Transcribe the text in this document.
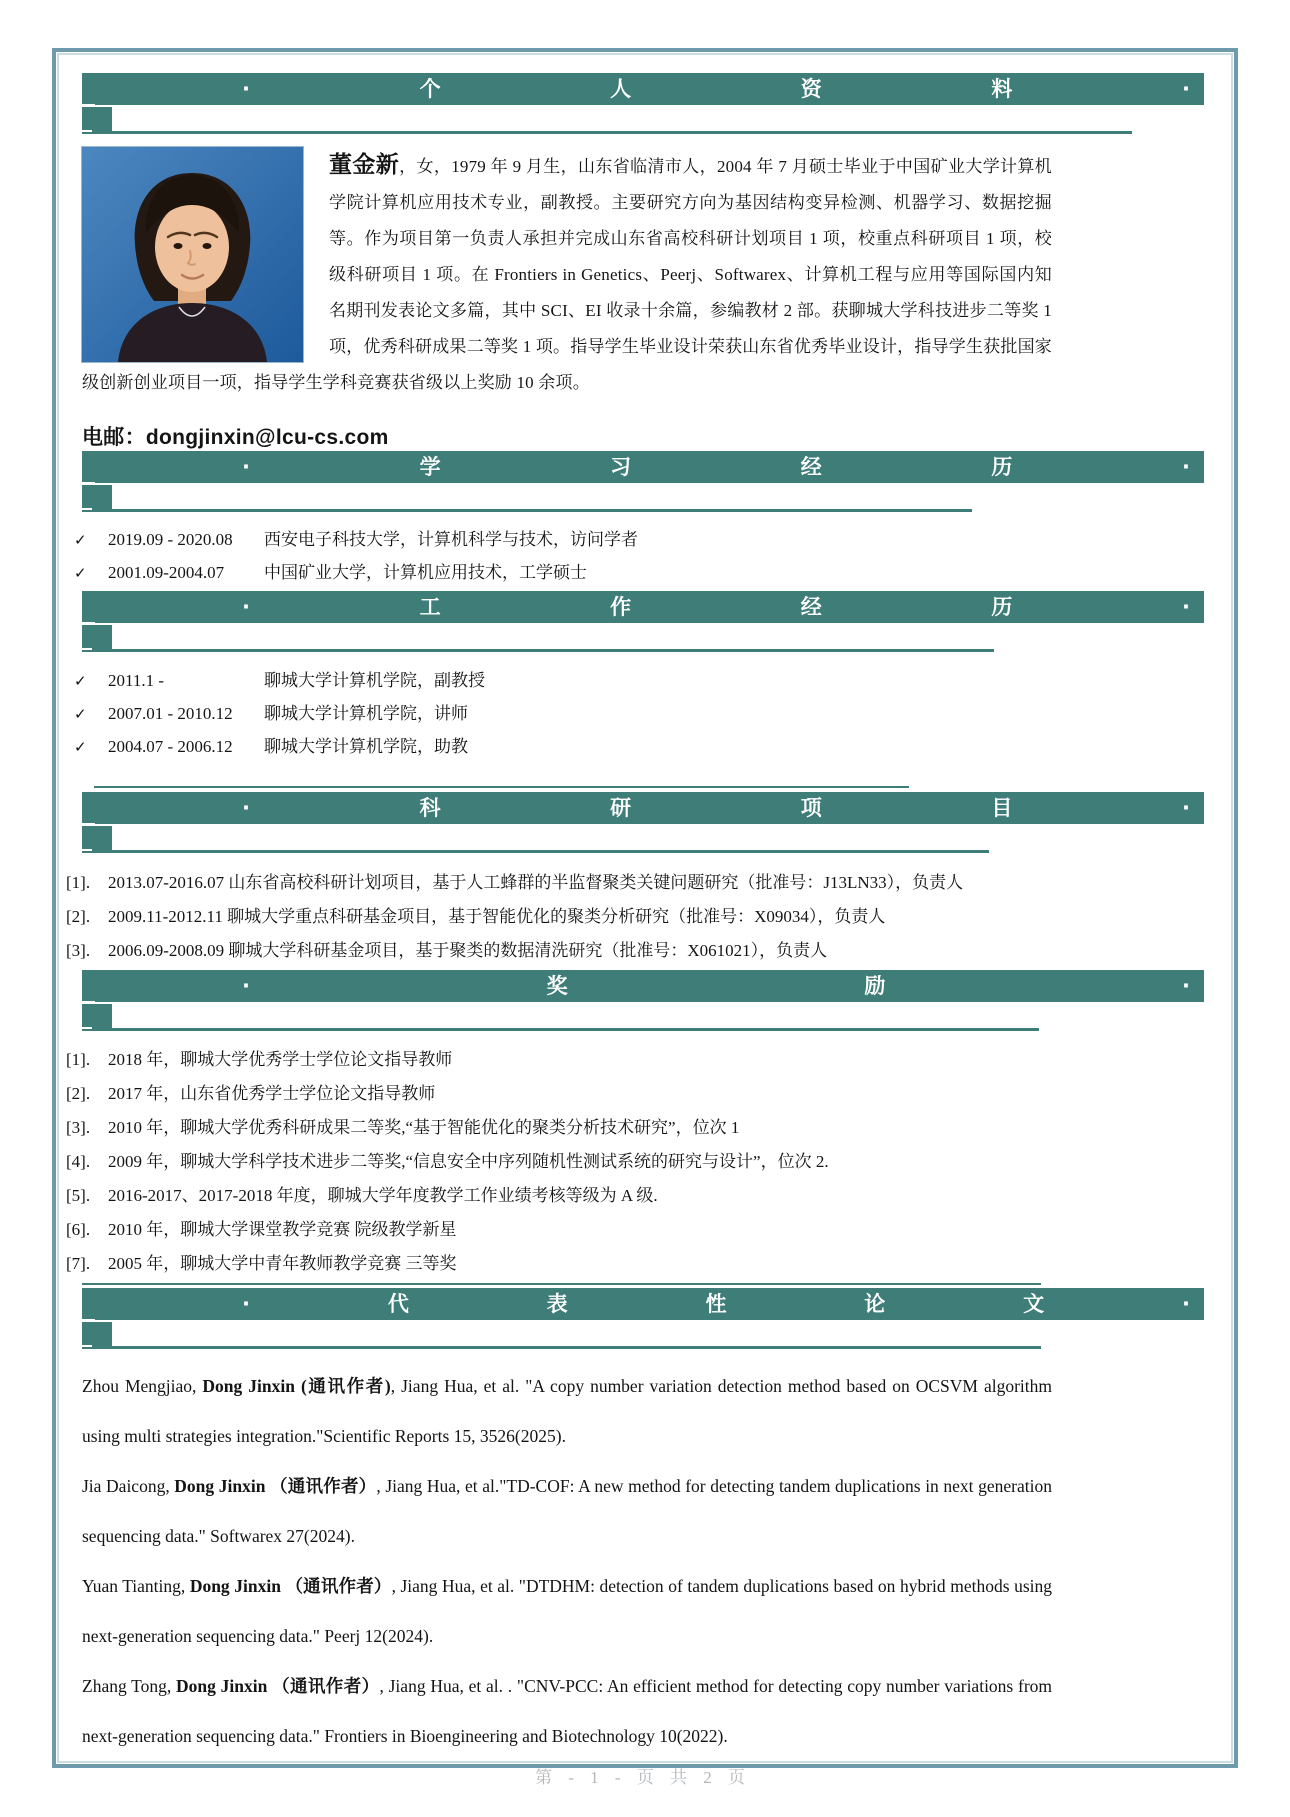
·	个	人	资	料	·

董金新，女，1979 年 9 月生，山东省临清市人，2004 年 7 月硕士毕业于中国矿业大学计算机学院计算机应用技术专业，副教授。主要研究方向为基因结构变异检测、机器学习、数据挖掘等。作为项目第一负责人承担并完成山东省高校科研计划项目 1 项，校重点科研项目 1 项，校级科研项目 1 项。在 Frontiers in Genetics、Peerj、Softwarex、计算机工程与应用等国际国内知名期刊发表论文多篇，其中 SCI、EI 收录十余篇，参编教材 2 部。获聊城大学科技进步二等奖 1 项，优秀科研成果二等奖 1 项。指导学生毕业设计荣获山东省优秀毕业设计，指导学生获批国家级创新创业项目一项，指导学生学科竞赛获省级以上奖励 10 余项。

电邮：dongjinxin@lcu-cs.com
·	学	习	经	历	·
✓	2019.09 - 2020.08	西安电子科技大学，计算机科学与技术，访问学者
✓	2001.09-2004.07	中国矿业大学，计算机应用技术，工学硕士
·	工	作	经	历	·
✓	2011.1 -	聊城大学计算机学院，副教授
✓	2007.01 - 2010.12	聊城大学计算机学院，讲师
✓	2004.07 - 2006.12	聊城大学计算机学院，助教
·	科	研	项	目	·
[1].	2013.07-2016.07 山东省高校科研计划项目，基于人工蜂群的半监督聚类关键问题研究（批准号：J13LN33），负责人
[2].	2009.11-2012.11 聊城大学重点科研基金项目，基于智能优化的聚类分析研究（批准号：X09034），负责人
[3].	2006.09-2008.09 聊城大学科研基金项目，基于聚类的数据清洗研究（批准号：X061021），负责人
·	奖	励	·
[1].	2018 年，聊城大学优秀学士学位论文指导教师
[2].	2017 年，山东省优秀学士学位论文指导教师
[3].	2010 年，聊城大学优秀科研成果二等奖,“基于智能优化的聚类分析技术研究”，位次 1
[4].	2009 年，聊城大学科学技术进步二等奖,“信息安全中序列随机性测试系统的研究与设计”，位次 2.
[5].	2016-2017、2017-2018 年度，聊城大学年度教学工作业绩考核等级为 A 级.
[6].	2010 年，聊城大学课堂教学竞赛 院级教学新星
[7].	2005 年，聊城大学中青年教师教学竞赛 三等奖
·	代	表	性	论	文	·

Zhou Mengjiao, Dong Jinxin (通讯作者), Jiang Hua, et al. "A copy number variation detection method based on OCSVM algorithm using multi strategies integration."Scientific Reports 15, 3526(2025).

Jia Daicong, Dong Jinxin （通讯作者）, Jiang Hua, et al."TD-COF: A new method for detecting tandem duplications in next generation sequencing data." Softwarex 27(2024).

Yuan Tianting, Dong Jinxin （通讯作者）, Jiang Hua, et al. "DTDHM: detection of tandem duplications based on hybrid methods using next-generation sequencing data." Peerj 12(2024).

Zhang Tong, Dong Jinxin （通讯作者）, Jiang Hua, et al. . "CNV-PCC: An efficient method for detecting copy number variations from next-generation sequencing data." Frontiers in Bioengineering and Biotechnology 10(2022).

第 - 1 - 页 共 2 页
